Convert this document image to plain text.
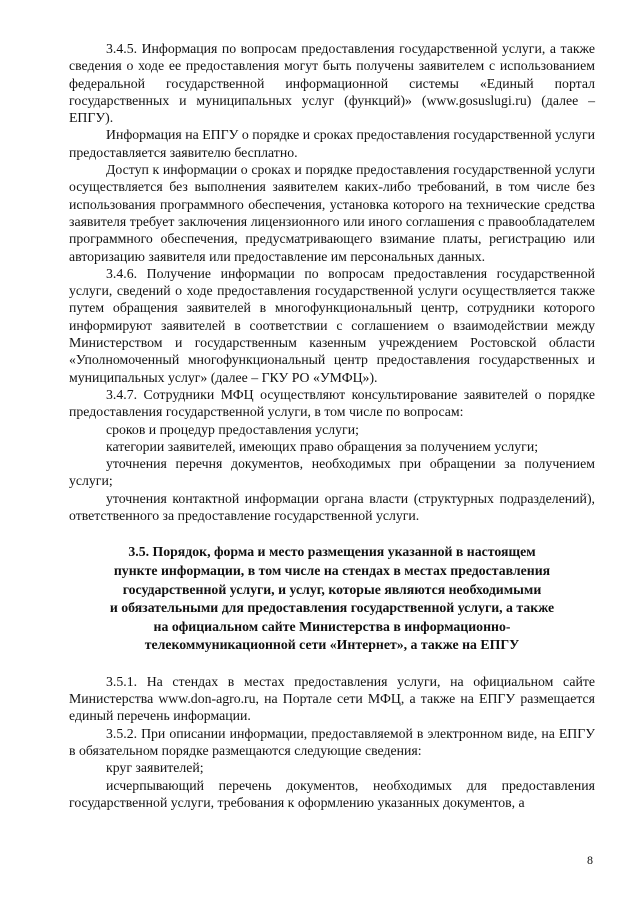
3.4.5. Информация по вопросам предоставления государственной услуги, а также сведения о ходе ее предоставления могут быть получены заявителем с использованием федеральной государственной информационной системы «Единый портал государственных и муниципальных услуг (функций)» (www.gosuslugi.ru) (далее – ЕПГУ).

Информация на ЕПГУ о порядке и сроках предоставления государственной услуги предоставляется заявителю бесплатно.

Доступ к информации о сроках и порядке предоставления государственной услуги осуществляется без выполнения заявителем каких-либо требований, в том числе без использования программного обеспечения, установка которого на технические средства заявителя требует заключения лицензионного или иного соглашения с правообладателем программного обеспечения, предусматривающего взимание платы, регистрацию или авторизацию заявителя или предоставление им персональных данных.

3.4.6. Получение информации по вопросам предоставления государственной услуги, сведений о ходе предоставления государственной услуги осуществляется также путем обращения заявителей в многофункциональный центр, сотрудники которого информируют заявителей в соответствии с соглашением о взаимодействии между Министерством и государственным казенным учреждением Ростовской области «Уполномоченный многофункциональный центр предоставления государственных и муниципальных услуг» (далее – ГКУ РО «УМФЦ»).

3.4.7. Сотрудники МФЦ осуществляют консультирование заявителей о порядке предоставления государственной услуги, в том числе по вопросам:

сроков и процедур предоставления услуги;

категории заявителей, имеющих право обращения за получением услуги;

уточнения перечня документов, необходимых при обращении за получением услуги;

уточнения контактной информации органа власти (структурных подразделений), ответственного за предоставление государственной услуги.

3.5. Порядок, форма и место размещения указанной в настоящем
пункте информации, в том числе на стендах в местах предоставления
государственной услуги, и услуг, которые являются необходимыми
и обязательными для предоставления государственной услуги, а также
на официальном сайте Министерства в информационно-
телекоммуникационной сети «Интернет», а также на ЕПГУ

3.5.1. На стендах в местах предоставления услуги, на официальном сайте Министерства www.don-agro.ru, на Портале сети МФЦ, а также на ЕПГУ размещается единый перечень информации.

3.5.2. При описании информации, предоставляемой в электронном виде, на ЕПГУ в обязательном порядке размещаются следующие сведения:

круг заявителей;

исчерпывающий перечень документов, необходимых для предоставления государственной услуги, требования к оформлению указанных документов, а

8
